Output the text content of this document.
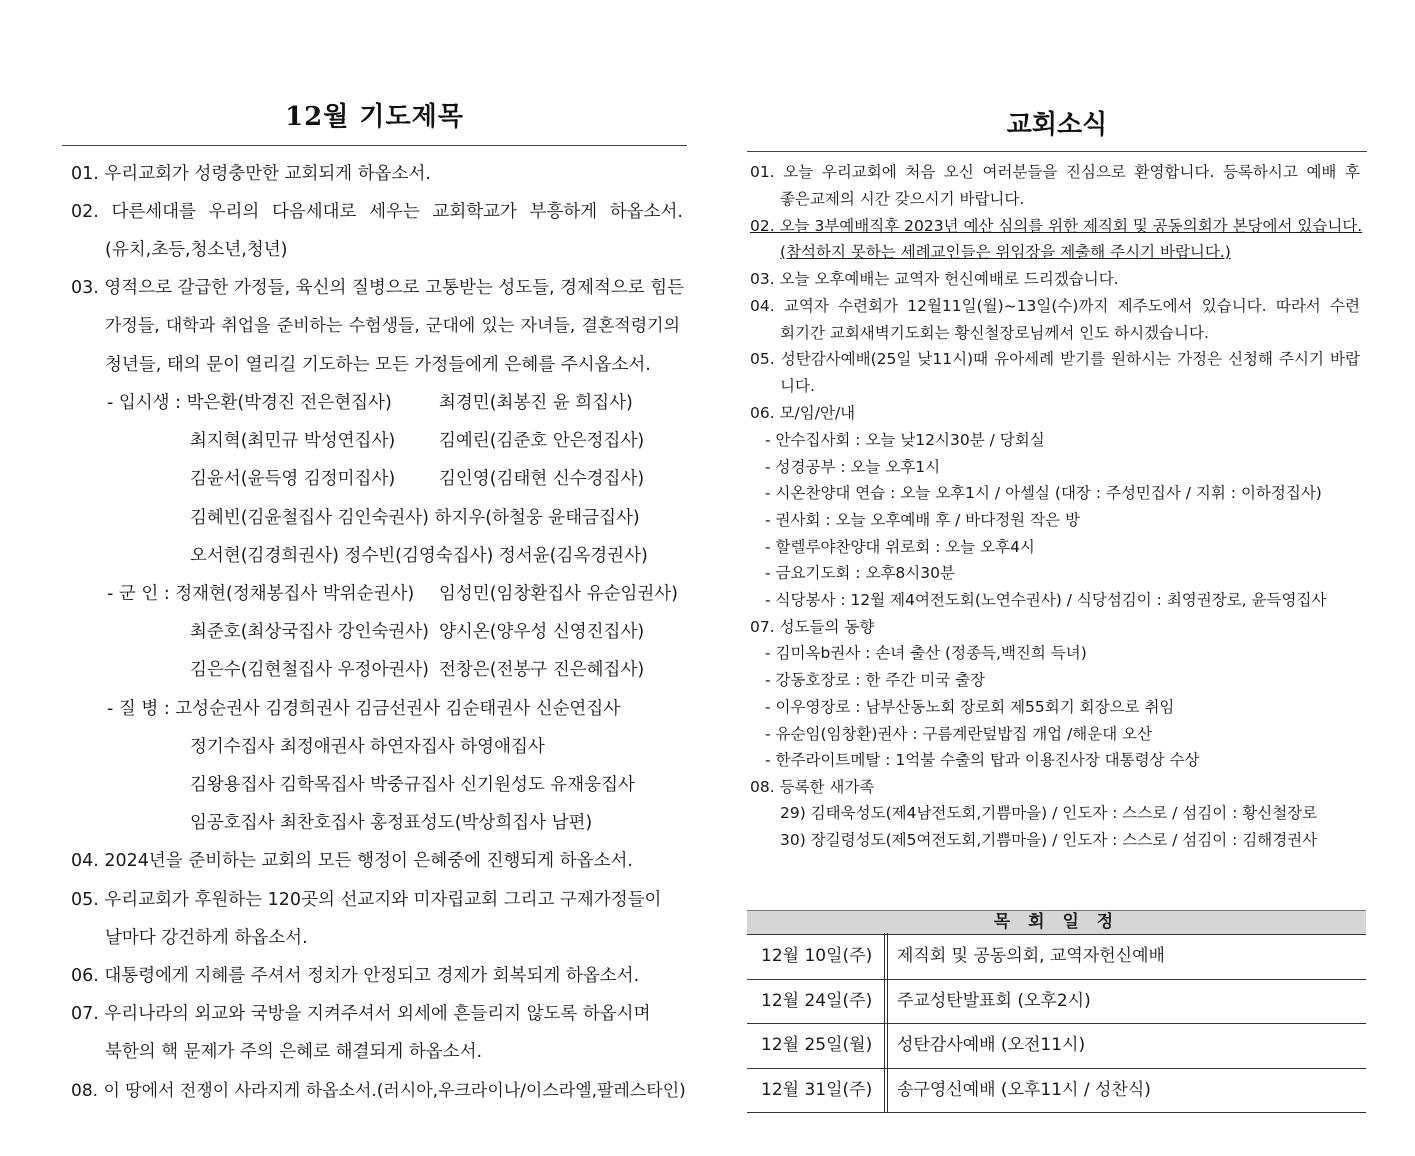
12월 기도제목
01. 우리교회가 성령충만한 교회되게 하옵소서.
02. 다른세대를 우리의 다음세대로 세우는 교회학교가 부흥하게 하옵소서.
(유치,초등,청소년,청년)
03. 영적으로 갈급한 가정들, 육신의 질병으로 고통받는 성도들, 경제적으로 힘든
가정들, 대학과 취업을 준비하는 수험생들, 군대에 있는 자녀들, 결혼적령기의
청년들, 태의 문이 열리길 기도하는 모든 가정들에게 은혜를 주시옵소서.
- 입시생 : 박은환(박경진 전은현집사)	최경민(최봉진 윤 희집사)
최지혁(최민규 박성연집사)	김예린(김준호 안은정집사)
김윤서(윤득영 김정미집사)	김인영(김태현 신수경집사)
김혜빈(김윤철집사 김인숙권사) 하지우(하철웅 윤태금집사)
오서현(김경희권사) 정수빈(김영숙집사) 정서윤(김옥경권사)
- 군 인 : 정재현(정채봉집사 박위순권사) 임성민(임창환집사 유순임권사)
최준호(최상국집사 강인숙권사) 양시온(양우성 신영진집사)
김은수(김현철집사 우정아권사) 전창은(전봉구 진은혜집사)
- 질 병 : 고성순권사 김경희권사 김금선권사 김순태권사 신순연집사
정기수집사 최정애권사 하연자집사 하영애집사
김왕용집사 김학목집사 박중규집사 신기원성도 유재웅집사
임공호집사 최찬호집사 홍정표성도(박상희집사 남편)
04. 2024년을 준비하는 교회의 모든 행정이 은혜중에 진행되게 하옵소서.
05. 우리교회가 후원하는 120곳의 선교지와 미자립교회 그리고 구제가정들이
날마다 강건하게 하옵소서.
06. 대통령에게 지혜를 주셔서 정치가 안정되고 경제가 회복되게 하옵소서.
07. 우리나라의 외교와 국방을 지켜주셔서 외세에 흔들리지 않도록 하옵시며
북한의 핵 문제가 주의 은혜로 해결되게 하옵소서.
08. 이 땅에서 전쟁이 사라지게 하옵소서.(러시아,우크라이나/이스라엘,팔레스타인)
교회소식
01. 오늘 우리교회에 처음 오신 여러분들을 진심으로 환영합니다. 등록하시고 예배 후
좋은교제의 시간 갖으시기 바랍니다.
02. 오늘 3부예배직후 2023년 예산 심의를 위한 제직회 및 공동의회가 본당에서 있습니다.
(참석하지 못하는 세례교인들은 위임장을 제출해 주시기 바랍니다.)
03. 오늘 오후예배는 교역자 헌신예배로 드리겠습니다.
04. 교역자 수련회가 12월11일(월)~13일(수)까지 제주도에서 있습니다. 따라서 수련
회기간 교회새벽기도회는 황신철장로님께서 인도 하시겠습니다.
05. 성탄감사예배(25일 낮11시)때 유아세례 받기를 원하시는 가정은 신청해 주시기 바랍
니다.
06. 모/임/안/내
- 안수집사회 : 오늘 낮12시30분 / 당회실
- 성경공부 : 오늘 오후1시
- 시온찬양대 연습 : 오늘 오후1시 / 아셀실 (대장 : 주성민집사 / 지휘 : 이하정집사)
- 권사회 : 오늘 오후예배 후 / 바다정원 작은 방
- 할렐루야찬양대 위로회 : 오늘 오후4시
- 금요기도회 : 오후8시30분
- 식당봉사 : 12월 제4여전도회(노연수권사) / 식당섬김이 : 최영권장로, 윤득영집사
07. 성도들의 동향
- 김미옥b권사 : 손녀 출산 (정종득,백진희 득녀)
- 강동호장로 : 한 주간 미국 출장
- 이우영장로 : 남부산동노회 장로회 제55회기 회장으로 취임
- 유순임(임창환)권사 : 구름계란덮밥집 개업 /해운대 오산
- 한주라이트메탈 : 1억불 수출의 탑과 이용진사장 대통령상 수상
08. 등록한 새가족
29) 김태욱성도(제4남전도회,기쁨마을) / 인도자 : 스스로 / 섬김이 : 황신철장로
30) 장길령성도(제5여전도회,기쁨마을) / 인도자 : 스스로 / 섬김이 : 김해경권사
목 회 일 정
12월 10일(주) 제직회 및 공동의회, 교역자헌신예배
12월 24일(주) 주교성탄발표회 (오후2시)
12월 25일(월) 성탄감사예배 (오전11시)
12월 31일(주) 송구영신예배 (오후11시 / 성찬식)
